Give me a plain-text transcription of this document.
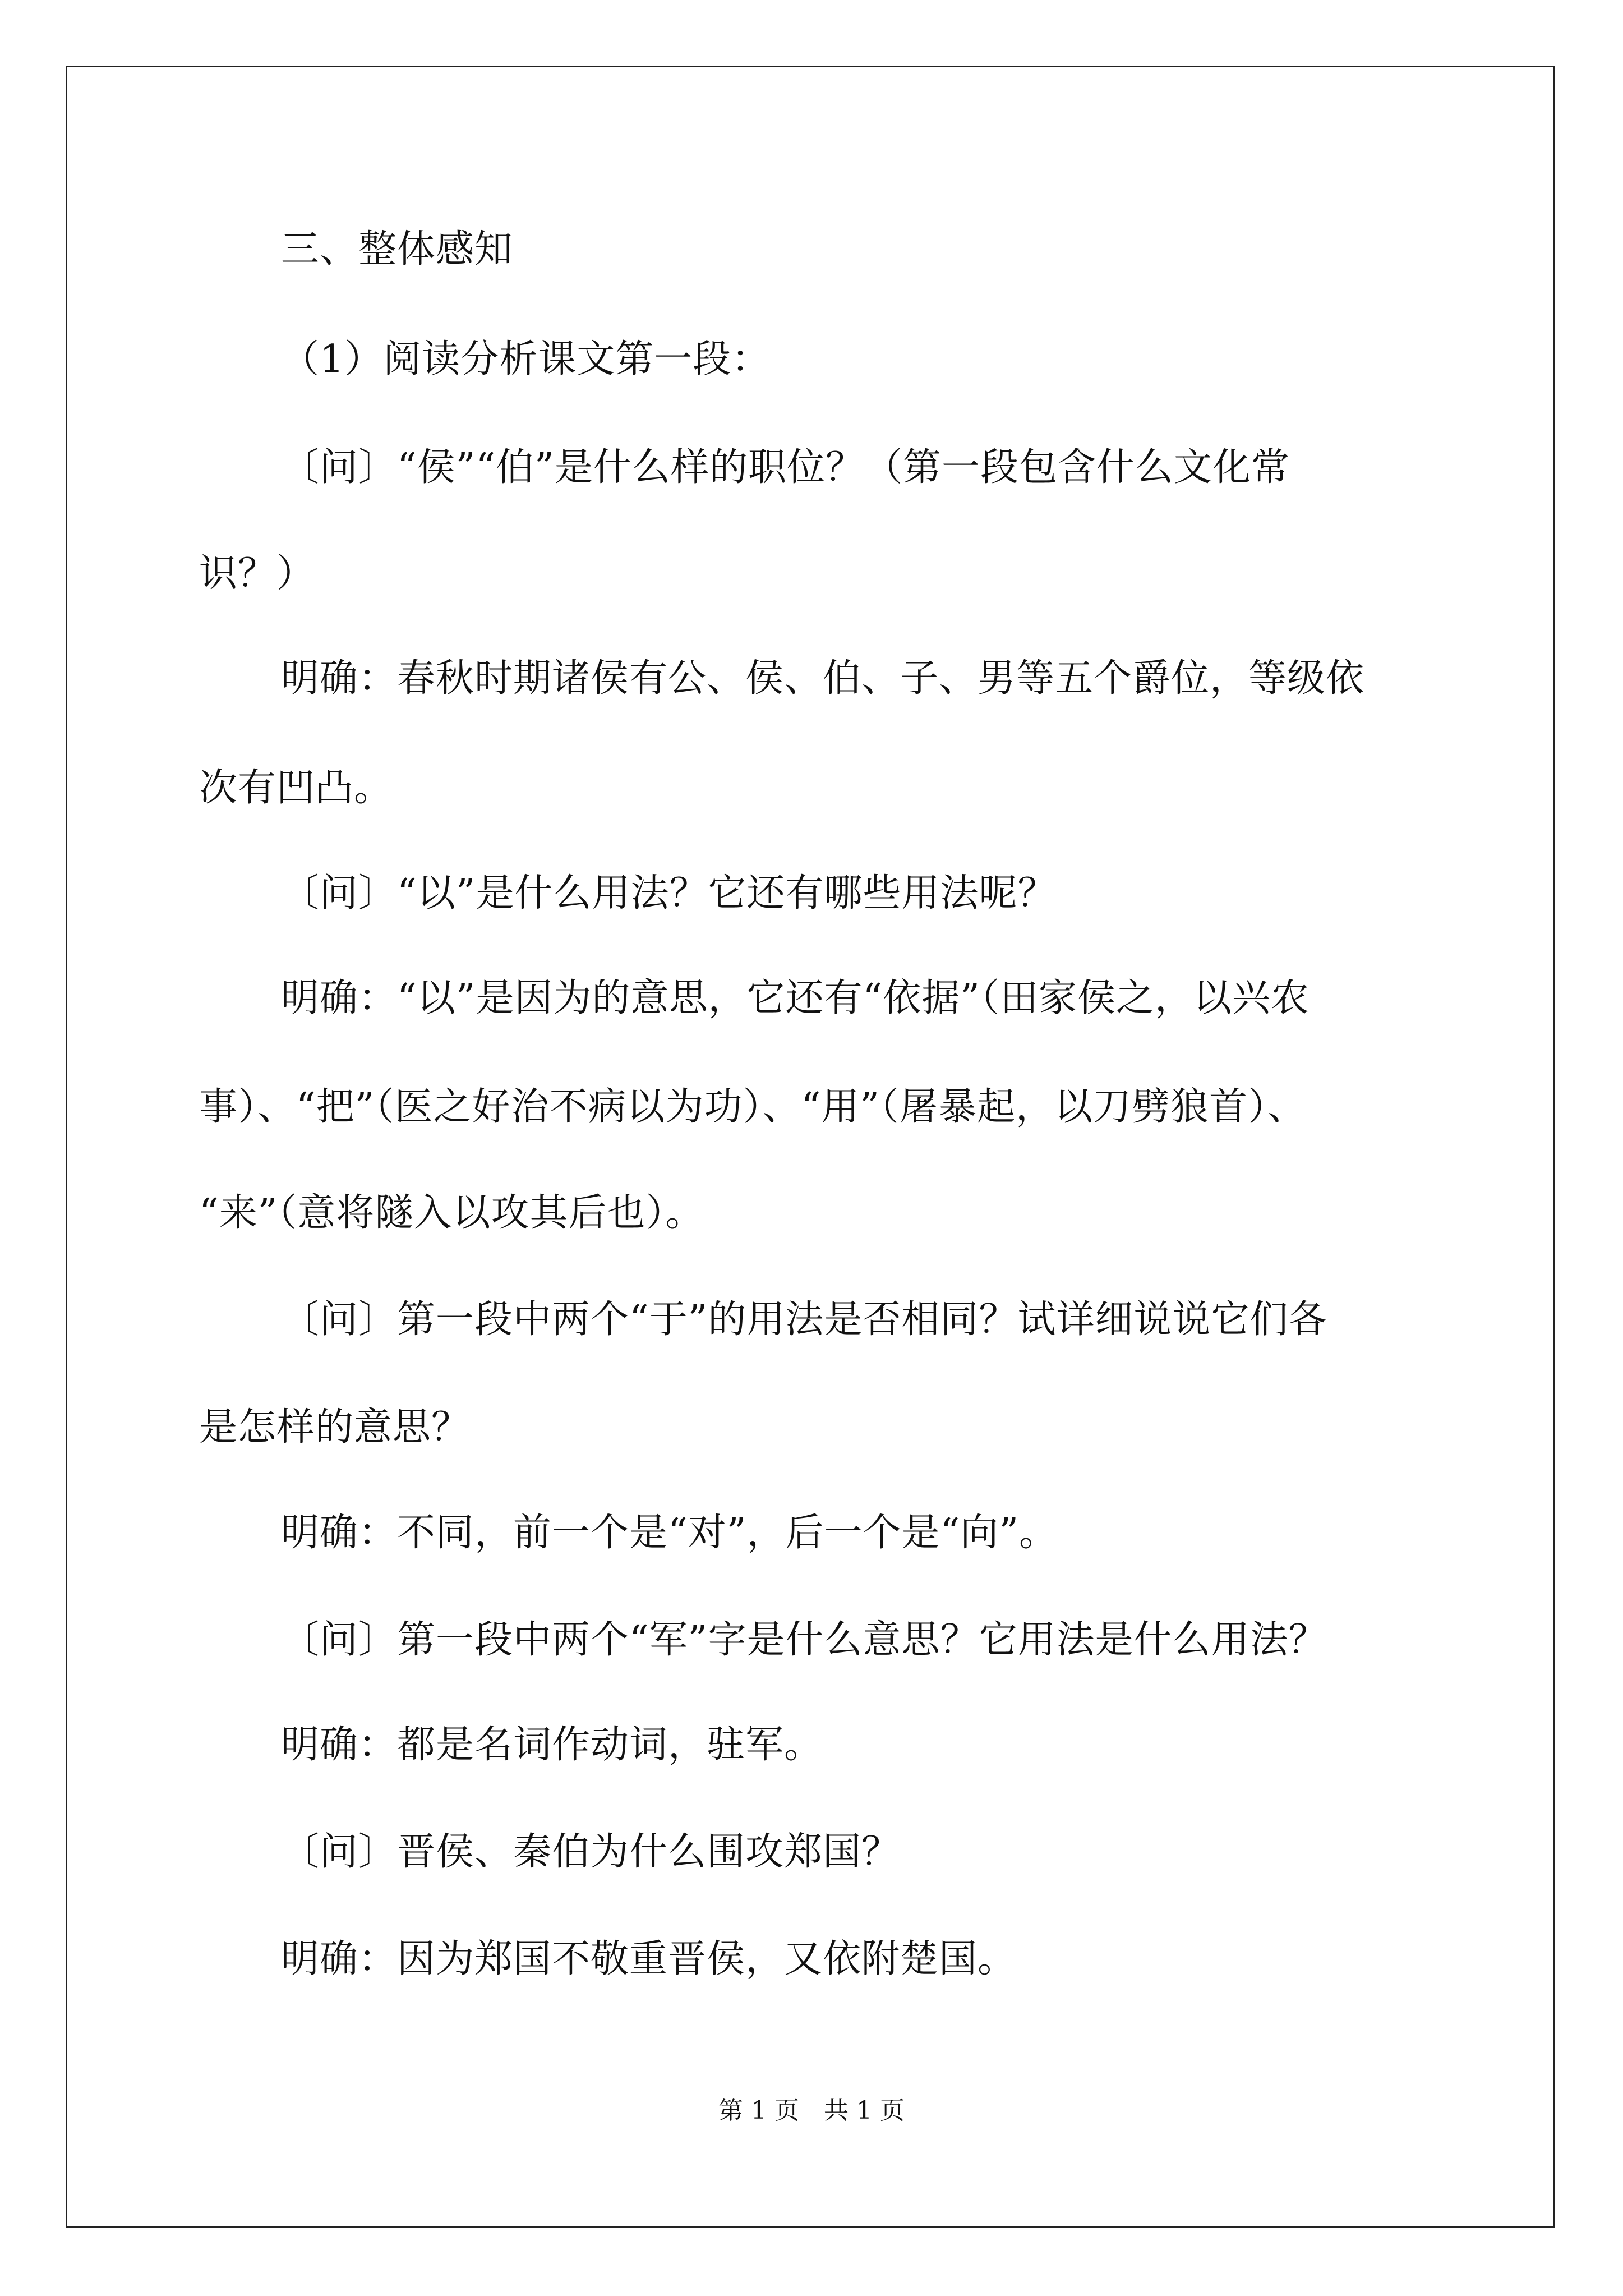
三、整体感知
（1）阅读分析课文第一段：
〔问〕“侯”“伯”是什么样的职位？（第一段包含什么文化常
识？）
明确：春秋时期诸侯有公、侯、伯、子、男等五个爵位，等级依
次有凹凸。
〔问〕“以”是什么用法？它还有哪些用法呢？
明确：“以”是因为的意思，它还有“依据”（田家侯之，以兴农
事）、“把”（医之好治不病以为功）、“用”（屠暴起，以刀劈狼首）、
“来”（意将隧入以攻其后也）。
〔问〕第一段中两个“于”的用法是否相同？试详细说说它们各
是怎样的意思？
明确：不同，前一个是“对”，后一个是“向”。
〔问〕第一段中两个“军”字是什么意思？它用法是什么用法？
明确：都是名词作动词，驻军。
〔问〕晋侯、秦伯为什么围攻郑国？
明确：因为郑国不敬重晋侯，又依附楚国。
第 1 页　共 1 页
